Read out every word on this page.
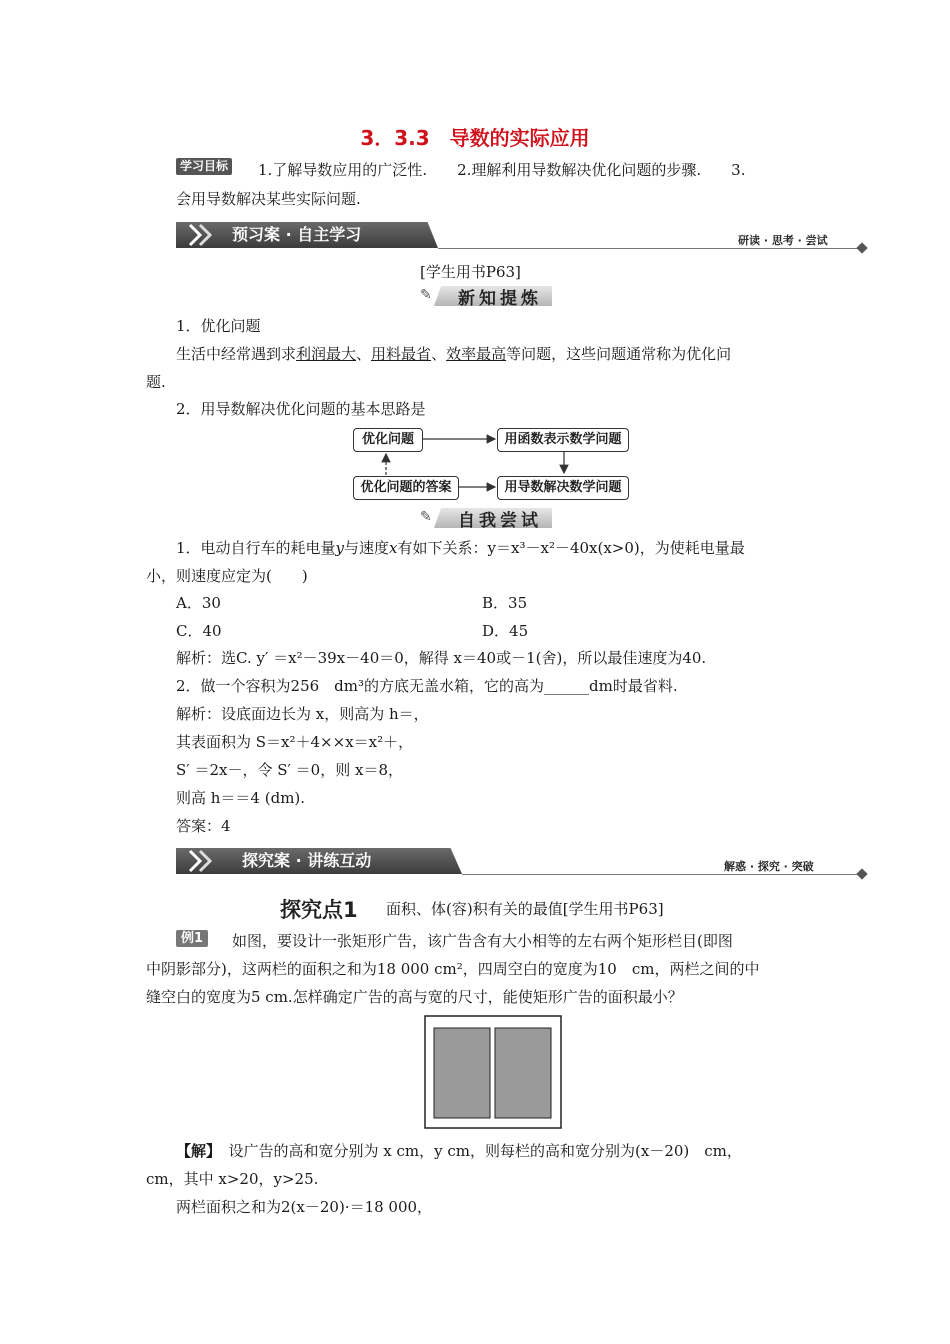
3．3.3　导数的实际应用
学习目标 1.了解导数应用的广泛性.　　2.理解利用导数解决优化问题的步骤.　　3.
会用导数解决某些实际问题.
预习案 · 自主学习	研读 · 思考 · 尝试
[学生用书P63]
✎ 新知提炼
1．优化问题
生活中经常遇到求利润最大、用料最省、效率最高等问题，这些问题通常称为优化问
题.
2．用导数解决优化问题的基本思路是
优化问题	用函数表示数学问题
优化问题的答案	用导数解决数学问题
✎ 自我尝试
1．电动自行车的耗电量y与速度x有如下关系：y＝x³－x²－40x(x>0)，为使耗电量最
小，则速度应定为(　　)
A．30	B．35
C．40	D．45
解析：选C. y′ ＝x²－39x－40＝0，解得 x＝40或－1(舍)，所以最佳速度为40.
2．做一个容积为256　dm³的方底无盖水箱，它的高为______dm时最省料.
解析：设底面边长为 x，则高为 h＝，
其表面积为 S＝x²＋4××x＝x²＋，
S′ ＝2x－，令 S′ ＝0，则 x＝8，
则高 h＝＝4 (dm).
答案：4
探究案 · 讲练互动	解惑 · 探究 · 突破
探究点1 面积、体(容)积有关的最值[学生用书P63]
例1	如图，要设计一张矩形广告，该广告含有大小相等的左右两个矩形栏目(即图
中阴影部分)，这两栏的面积之和为18 000 cm²，四周空白的宽度为10　cm，两栏之间的中
缝空白的宽度为5 cm.怎样确定广告的高与宽的尺寸，能使矩形广告的面积最小？
【解】　 设广告的高和宽分别为 x cm，y cm，则每栏的高和宽分别为(x－20)　cm，
cm，其中 x>20，y>25.
两栏面积之和为2(x－20)·＝18 000，
